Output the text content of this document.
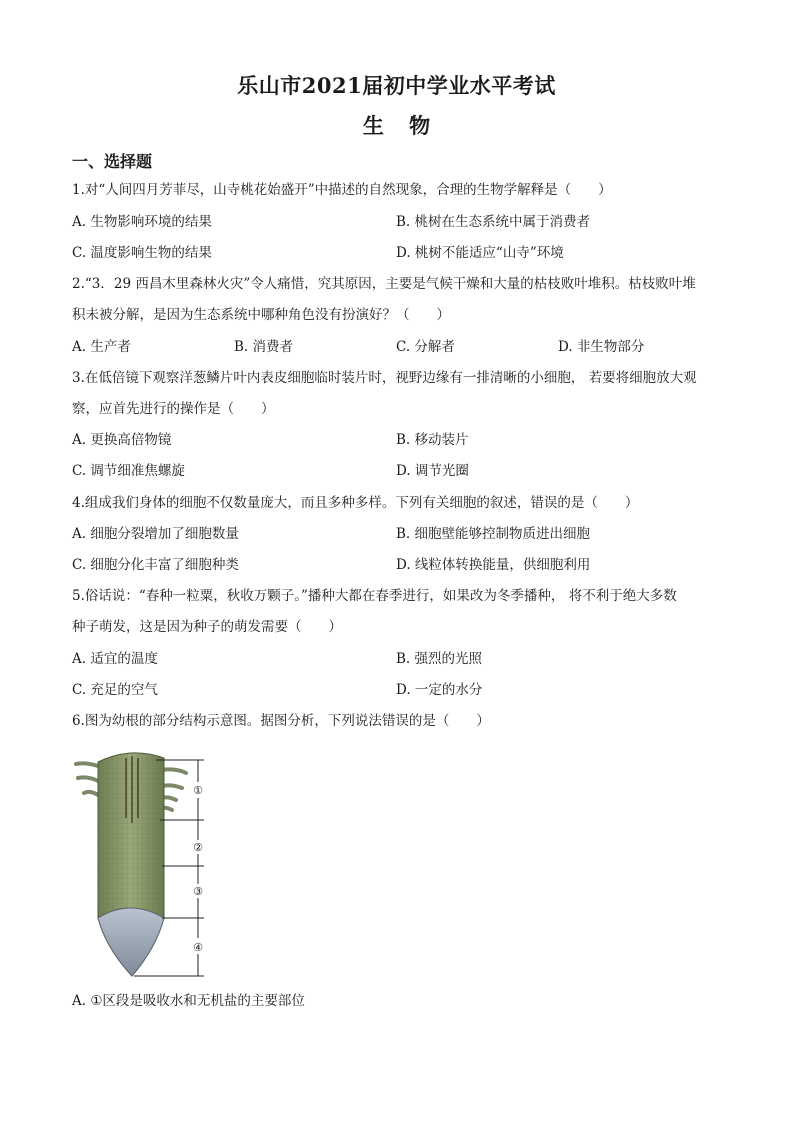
乐山市2021届初中学业水平考试
生 物
一、选择题
1.对“人间四月芳菲尽，山寺桃花始盛开”中描述的自然现象，合理的生物学解释是（　　）
A. 生物影响环境的结果	B. 桃树在生态系统中属于消费者
C. 温度影响生物的结果	D. 桃树不能适应“山寺”环境
2.“3．29 西昌木里森林火灾”令人痛惜，究其原因，主要是气候干燥和大量的枯枝败叶堆积。枯枝败叶堆
积未被分解，是因为生态系统中哪种角色没有扮演好？（　　）
A. 生产者	B. 消费者	C. 分解者	D. 非生物部分
3.在低倍镜下观察洋葱鳞片叶内表皮细胞临时装片时，视野边缘有一排清晰的小细胞， 若要将细胞放大观
察，应首先进行的操作是（　　）
A. 更换高倍物镜	B. 移动装片
C. 调节细准焦螺旋	D. 调节光圈
4.组成我们身体的细胞不仅数量庞大，而且多种多样。下列有关细胞的叙述，错误的是（　　）
A. 细胞分裂增加了细胞数量	B. 细胞壁能够控制物质进出细胞
C. 细胞分化丰富了细胞种类	D. 线粒体转换能量，供细胞利用
5.俗话说：“春种一粒粟，秋收万颗子。”播种大都在春季进行，如果改为冬季播种， 将不利于绝大多数
种子萌发，这是因为种子的萌发需要（　　）
A. 适宜的温度	B. 强烈的光照
C. 充足的空气	D. 一定的水分
6.图为幼根的部分结构示意图。据图分析，下列说法错误的是（　　）
①
②
③
④
A. ①区段是吸收水和无机盐的主要部位
